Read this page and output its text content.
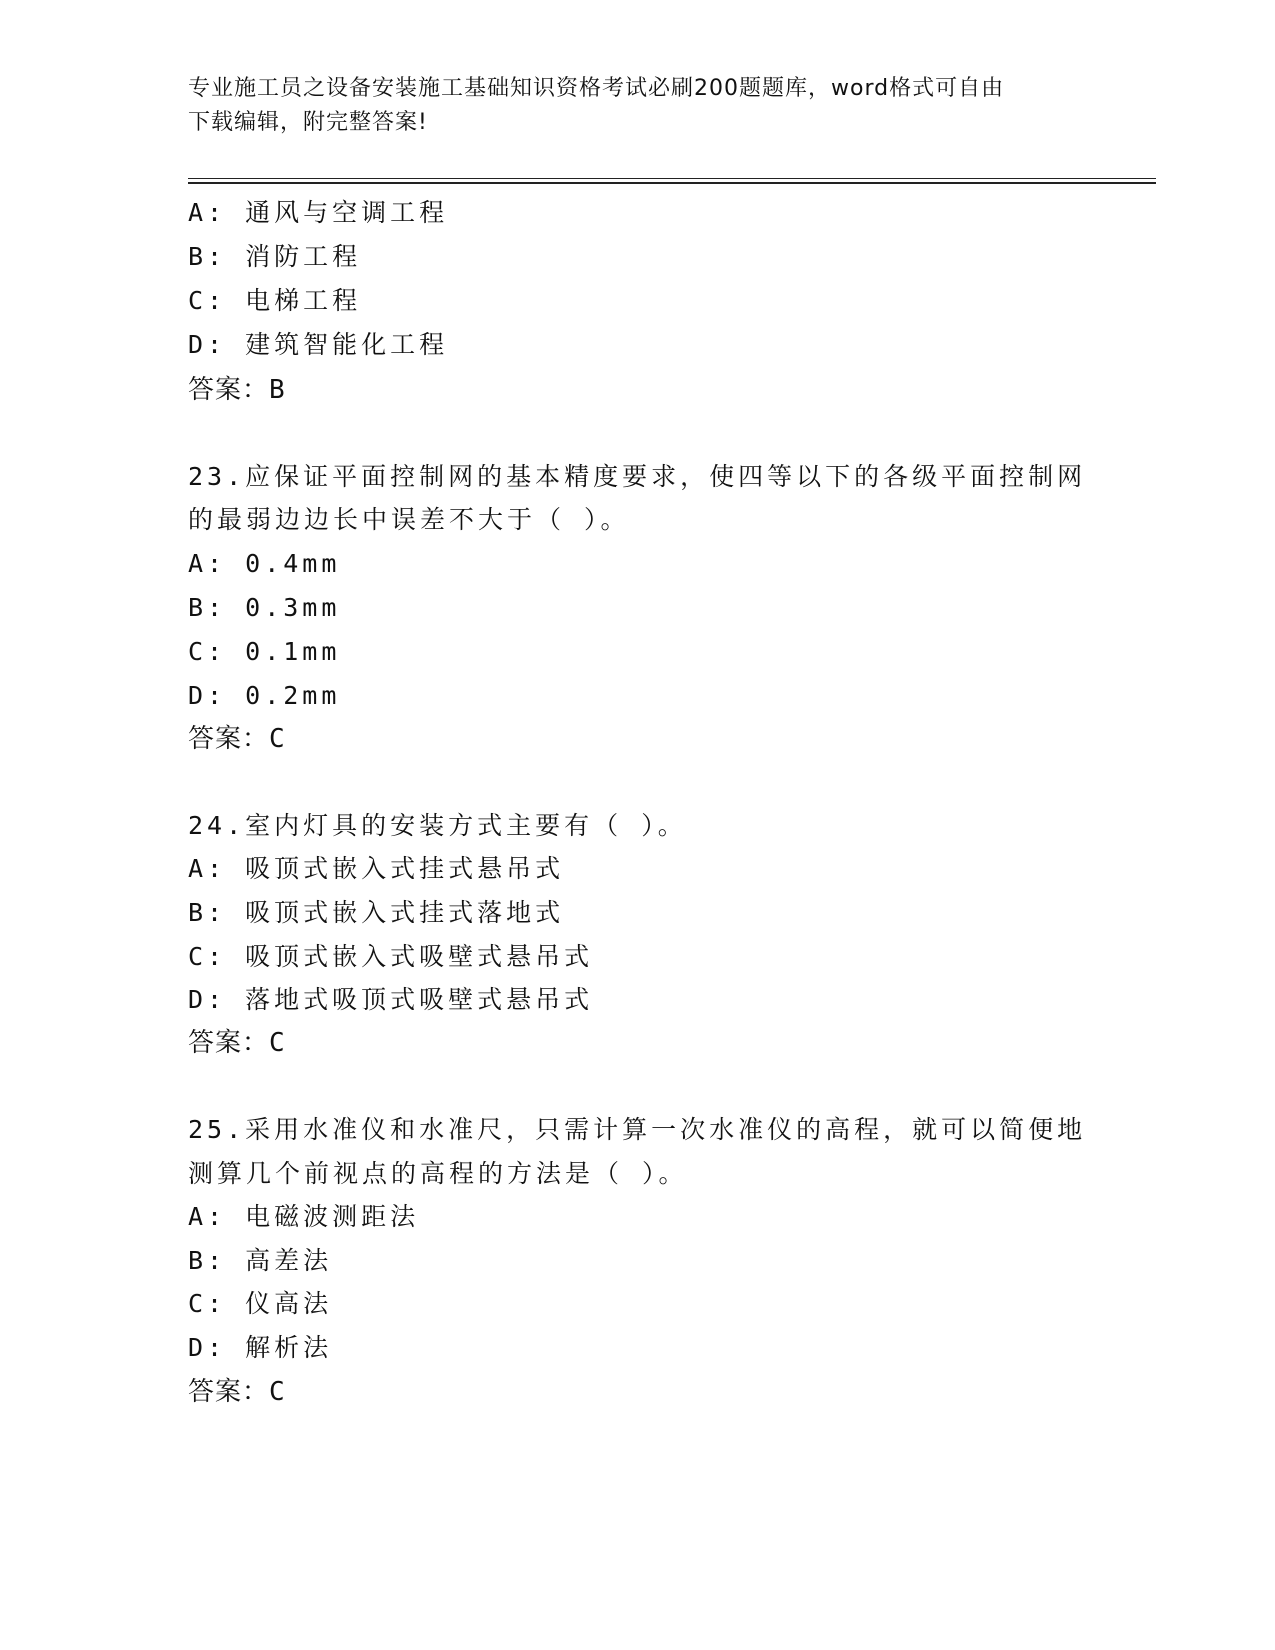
专业施工员之设备安装施工基础知识资格考试必刷200题题库，word格式可自由
下载编辑，附完整答案!
A: 通风与空调工程
B: 消防工程
C: 电梯工程
D: 建筑智能化工程
答案：B
23.应保证平面控制网的基本精度要求，使四等以下的各级平面控制网
的最弱边边长中误差不大于（ ）。
A: 0.4mm
B: 0.3mm
C: 0.1mm
D: 0.2mm
答案：C
24.室内灯具的安装方式主要有（ ）。
A: 吸顶式嵌入式挂式悬吊式
B: 吸顶式嵌入式挂式落地式
C: 吸顶式嵌入式吸壁式悬吊式
D: 落地式吸顶式吸壁式悬吊式
答案：C
25.采用水准仪和水准尺，只需计算一次水准仪的高程，就可以简便地
测算几个前视点的高程的方法是（ ）。
A: 电磁波测距法
B: 高差法
C: 仪高法
D: 解析法
答案：C
